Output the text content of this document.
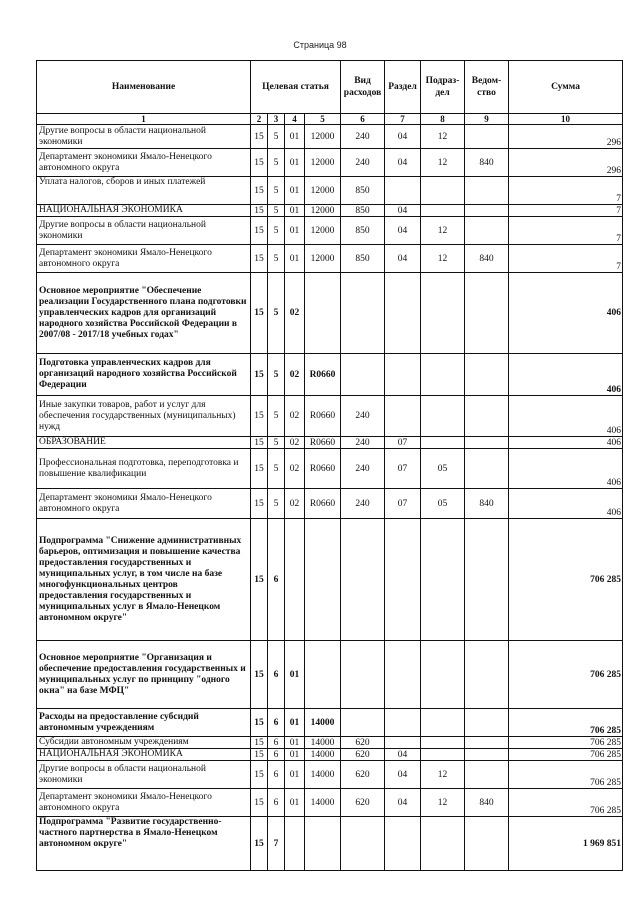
Страница 98
Наименование	Целевая статья				Вид расходов	Раздел	Подраз- дел	Ведом- ство	Сумма
1	2	3	4	5	6	7	8	9	10
Другие вопросы в области национальной экономики	15	5	01	12000	240	04	12		296
Департамент экономики Ямало-Ненецкого автономного округа	15	5	01	12000	240	04	12	840	296
Уплата налогов, сборов и иных платежей	15	5	01	12000	850				7
НАЦИОНАЛЬНАЯ ЭКОНОМИКА	15	5	01	12000	850	04			7
Другие вопросы в области национальной экономики	15	5	01	12000	850	04	12		7
Департамент экономики Ямало-Ненецкого автономного округа	15	5	01	12000	850	04	12	840	7
Основное мероприятие "Обеспечение реализации Государственного плана подготовки управленческих кадров для организаций народного хозяйства Российской Федерации в 2007/08 - 2017/18 учебных годах"	15	5	02						406
Подготовка управленческих кадров для организаций народного хозяйства Российской Федерации	15	5	02	R0660					406
Иные закупки товаров, работ и услуг для обеспечения государственных (муниципальных) нужд	15	5	02	R0660	240				406
ОБРАЗОВАНИЕ	15	5	02	R0660	240	07			406
Профессиональная подготовка, переподготовка и повышение квалификации	15	5	02	R0660	240	07	05		406
Департамент экономики Ямало-Ненецкого автономного округа	15	5	02	R0660	240	07	05	840	406
Подпрограмма "Снижение административных барьеров, оптимизация и повышение качества предоставления государственных и муниципальных услуг, в том числе на базе многофункциональных центров предоставления государственных и муниципальных услуг в Ямало-Ненецком автономном округе"	15	6							706 285
Основное мероприятие "Организация и обеспечение предоставления государственных и муниципальных услуг по принципу "одного окна" на базе МФЦ"	15	6	01						706 285
Расходы на предоставление субсидий автономным учреждениям	15	6	01	14000					706 285
Субсидии автономным учреждениям	15	6	01	14000	620				706 285
НАЦИОНАЛЬНАЯ ЭКОНОМИКА	15	6	01	14000	620	04			706 285
Другие вопросы в области национальной экономики	15	6	01	14000	620	04	12		706 285
Департамент экономики Ямало-Ненецкого автономного округа	15	6	01	14000	620	04	12	840	706 285
Подпрограмма "Развитие государственно-частного партнерства в Ямало-Ненецком автономном округе"	15	7							1 969 851
